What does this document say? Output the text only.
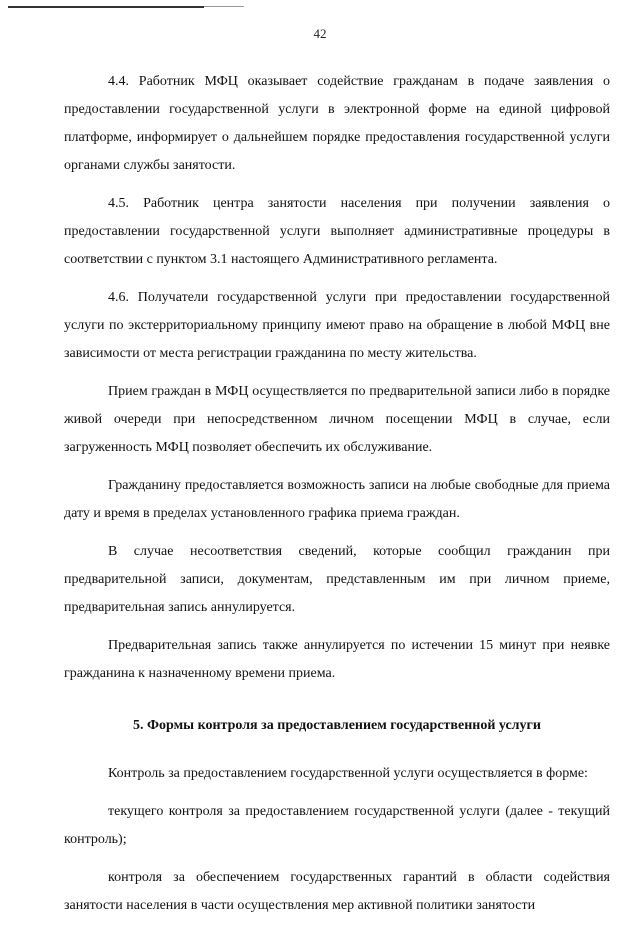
42

4.4. Работник МФЦ оказывает содействие гражданам в подаче заявления о предоставлении государственной услуги в электронной форме на единой цифровой платформе, информирует о дальнейшем порядке предоставления государственной услуги органами службы занятости.

4.5. Работник центра занятости населения при получении заявления о предоставлении государственной услуги выполняет административные процедуры в соответствии с пунктом 3.1 настоящего Административного регламента.

4.6. Получатели государственной услуги при предоставлении государственной услуги по экстерриториальному принципу имеют право на обращение в любой МФЦ вне зависимости от места регистрации гражданина по месту жительства.

Прием граждан в МФЦ осуществляется по предварительной записи либо в порядке живой очереди при непосредственном личном посещении МФЦ в случае, если загруженность МФЦ позволяет обеспечить их обслуживание.

Гражданину предоставляется возможность записи на любые свободные для приема дату и время в пределах установленного графика приема граждан.

В случае несоответствия сведений, которые сообщил гражданин при предварительной записи, документам, представленным им при личном приеме, предварительная запись аннулируется.

Предварительная запись также аннулируется по истечении 15 минут при неявке гражданина к назначенному времени приема.

5. Формы контроля за предоставлением государственной услуги

Контроль за предоставлением государственной услуги осуществляется в форме:

текущего контроля за предоставлением государственной услуги (далее - текущий контроль);

контроля за обеспечением государственных гарантий в области содействия занятости населения в части осуществления мер активной политики занятости
